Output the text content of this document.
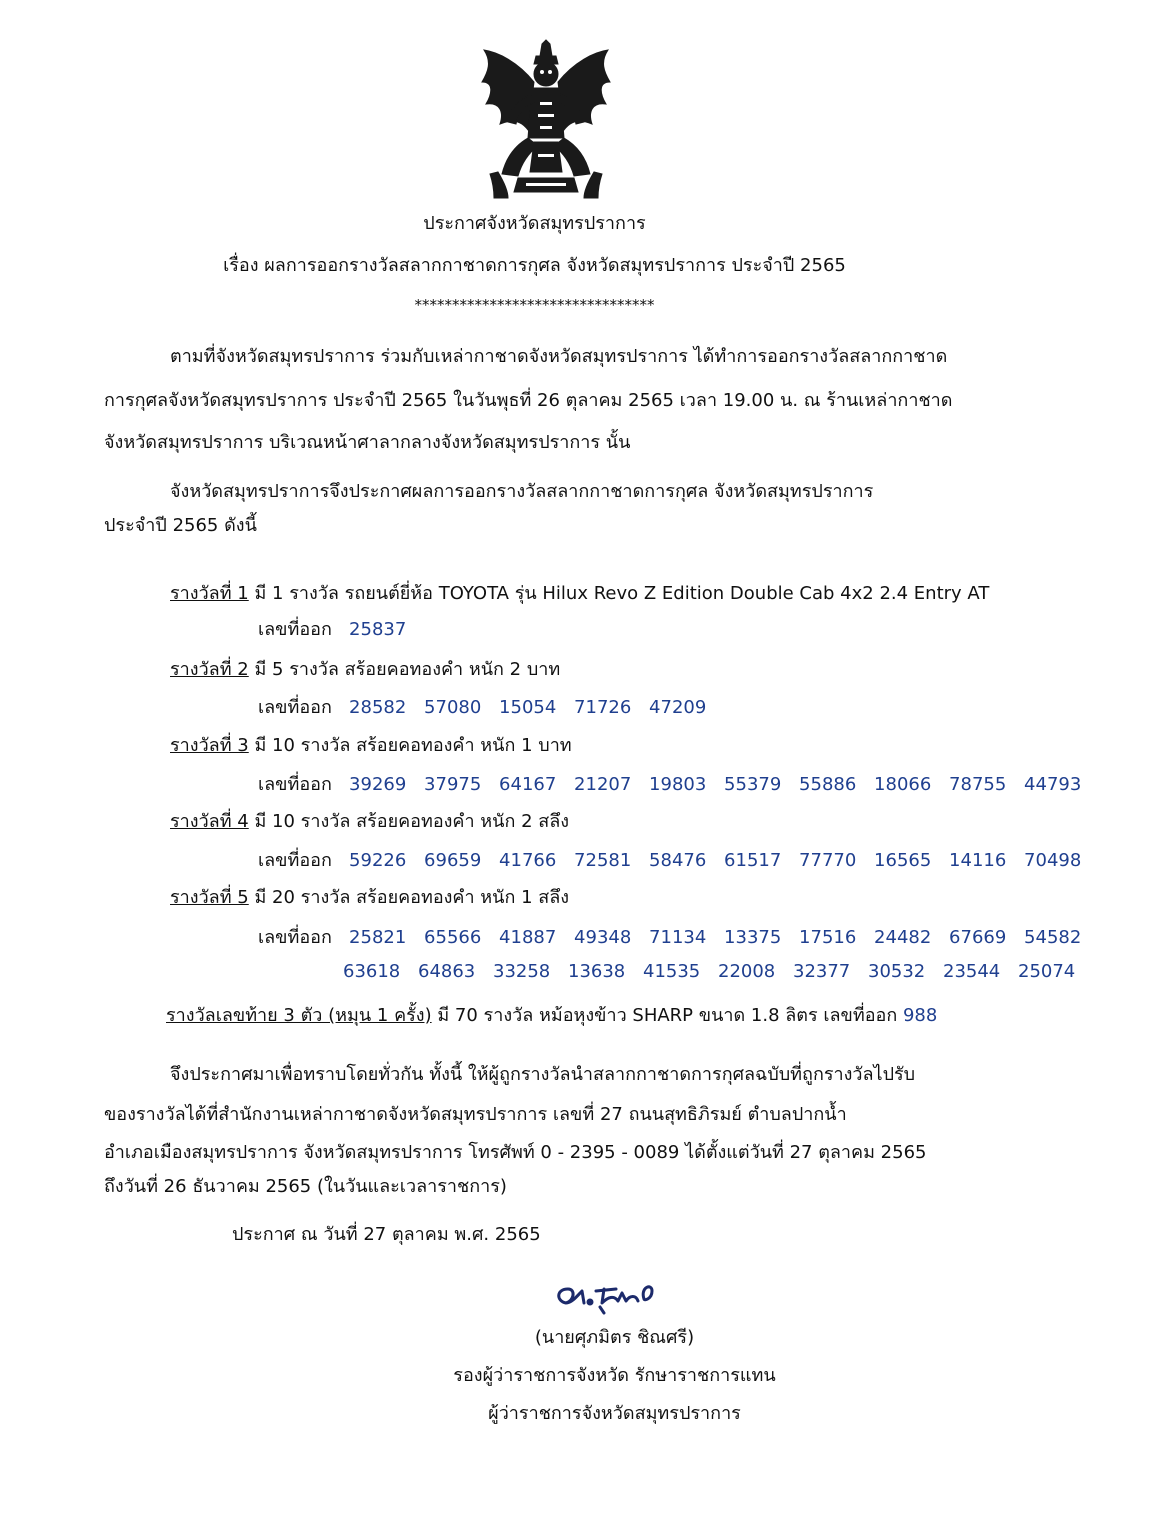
ประกาศจังหวัดสมุทรปราการ
เรื่อง ผลการออกรางวัลสลากกาชาดการกุศล จังหวัดสมุทรปราการ ประจำปี 2565
********************************
ตามที่จังหวัดสมุทรปราการ ร่วมกับเหล่ากาชาดจังหวัดสมุทรปราการ ได้ทำการออกรางวัลสลากกาชาด
การกุศลจังหวัดสมุทรปราการ ประจำปี 2565 ในวันพุธที่ 26 ตุลาคม 2565 เวลา 19.00 น. ณ ร้านเหล่ากาชาด
จังหวัดสมุทรปราการ บริเวณหน้าศาลากลางจังหวัดสมุทรปราการ นั้น
จังหวัดสมุทรปราการจึงประกาศผลการออกรางวัลสลากกาชาดการกุศล จังหวัดสมุทรปราการ
ประจำปี 2565 ดังนี้
รางวัลที่ 1 มี 1 รางวัล รถยนต์ยี่ห้อ TOYOTA รุ่น Hilux Revo Z Edition Double Cab 4x2 2.4 Entry AT
เลขที่ออก 25837
รางวัลที่ 2 มี 5 รางวัล สร้อยคอทองคำ หนัก 2 บาท
เลขที่ออก 28582 57080 15054 71726 47209
รางวัลที่ 3 มี 10 รางวัล สร้อยคอทองคำ หนัก 1 บาท
เลขที่ออก 39269 37975 64167 21207 19803 55379 55886 18066 78755 44793
รางวัลที่ 4 มี 10 รางวัล สร้อยคอทองคำ หนัก 2 สลึง
เลขที่ออก 59226 69659 41766 72581 58476 61517 77770 16565 14116 70498
รางวัลที่ 5 มี 20 รางวัล สร้อยคอทองคำ หนัก 1 สลึง
เลขที่ออก 25821 65566 41887 49348 71134 13375 17516 24482 67669 54582
63618 64863 33258 13638 41535 22008 32377 30532 23544 25074
รางวัลเลขท้าย 3 ตัว (หมุน 1 ครั้ง) มี 70 รางวัล หม้อหุงข้าว SHARP ขนาด 1.8 ลิตร เลขที่ออก 988
จึงประกาศมาเพื่อทราบโดยทั่วกัน ทั้งนี้ ให้ผู้ถูกรางวัลนำสลากกาชาดการกุศลฉบับที่ถูกรางวัลไปรับ
ของรางวัลได้ที่สำนักงานเหล่ากาชาดจังหวัดสมุทรปราการ เลขที่ 27 ถนนสุทธิภิรมย์ ตำบลปากน้ำ
อำเภอเมืองสมุทรปราการ จังหวัดสมุทรปราการ โทรศัพท์ 0 - 2395 - 0089 ได้ตั้งแต่วันที่ 27 ตุลาคม 2565
ถึงวันที่ 26 ธันวาคม 2565 (ในวันและเวลาราชการ)
ประกาศ ณ วันที่ 27 ตุลาคม พ.ศ. 2565
(นายศุภมิตร ชิณศรี)
รองผู้ว่าราชการจังหวัด รักษาราชการแทน
ผู้ว่าราชการจังหวัดสมุทรปราการ
